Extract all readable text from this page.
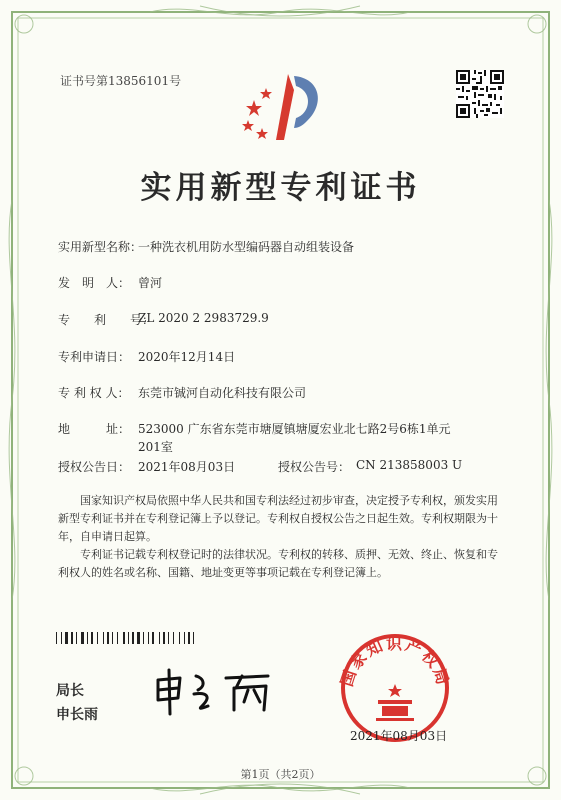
证书号第13856101号
实用新型专利证书
实用新型名称：
一种洗衣机用防水型编码器自动组装设备
发　明　人： 曾河
专　　利　　号：
ZL 2020 2 2983729.9
专利申请日： 2020年12月14日
专 利 权 人： 东莞市铖河自动化科技有限公司
地　　　址： 523000 广东省东莞市塘厦镇塘厦宏业北七路2号6栋1单元
201室
授权公告日： 2021年08月03日	授权公告号： CN 213858003 U
国家知识产权局依照中华人民共和国专利法经过初步审查，决定授予专利权，颁发实用新型专利证书并在专利登记簿上予以登记。专利权自授权公告之日起生效。专利权期限为十年，自申请日起算。
专利证书记载专利权登记时的法律状况。专利权的转移、质押、无效、终止、恢复和专利权人的姓名或名称、国籍、地址变更等事项记载在专利登记簿上。
局长
申长雨
国家知识产权局
2021年08月03日
第1页（共2页）
